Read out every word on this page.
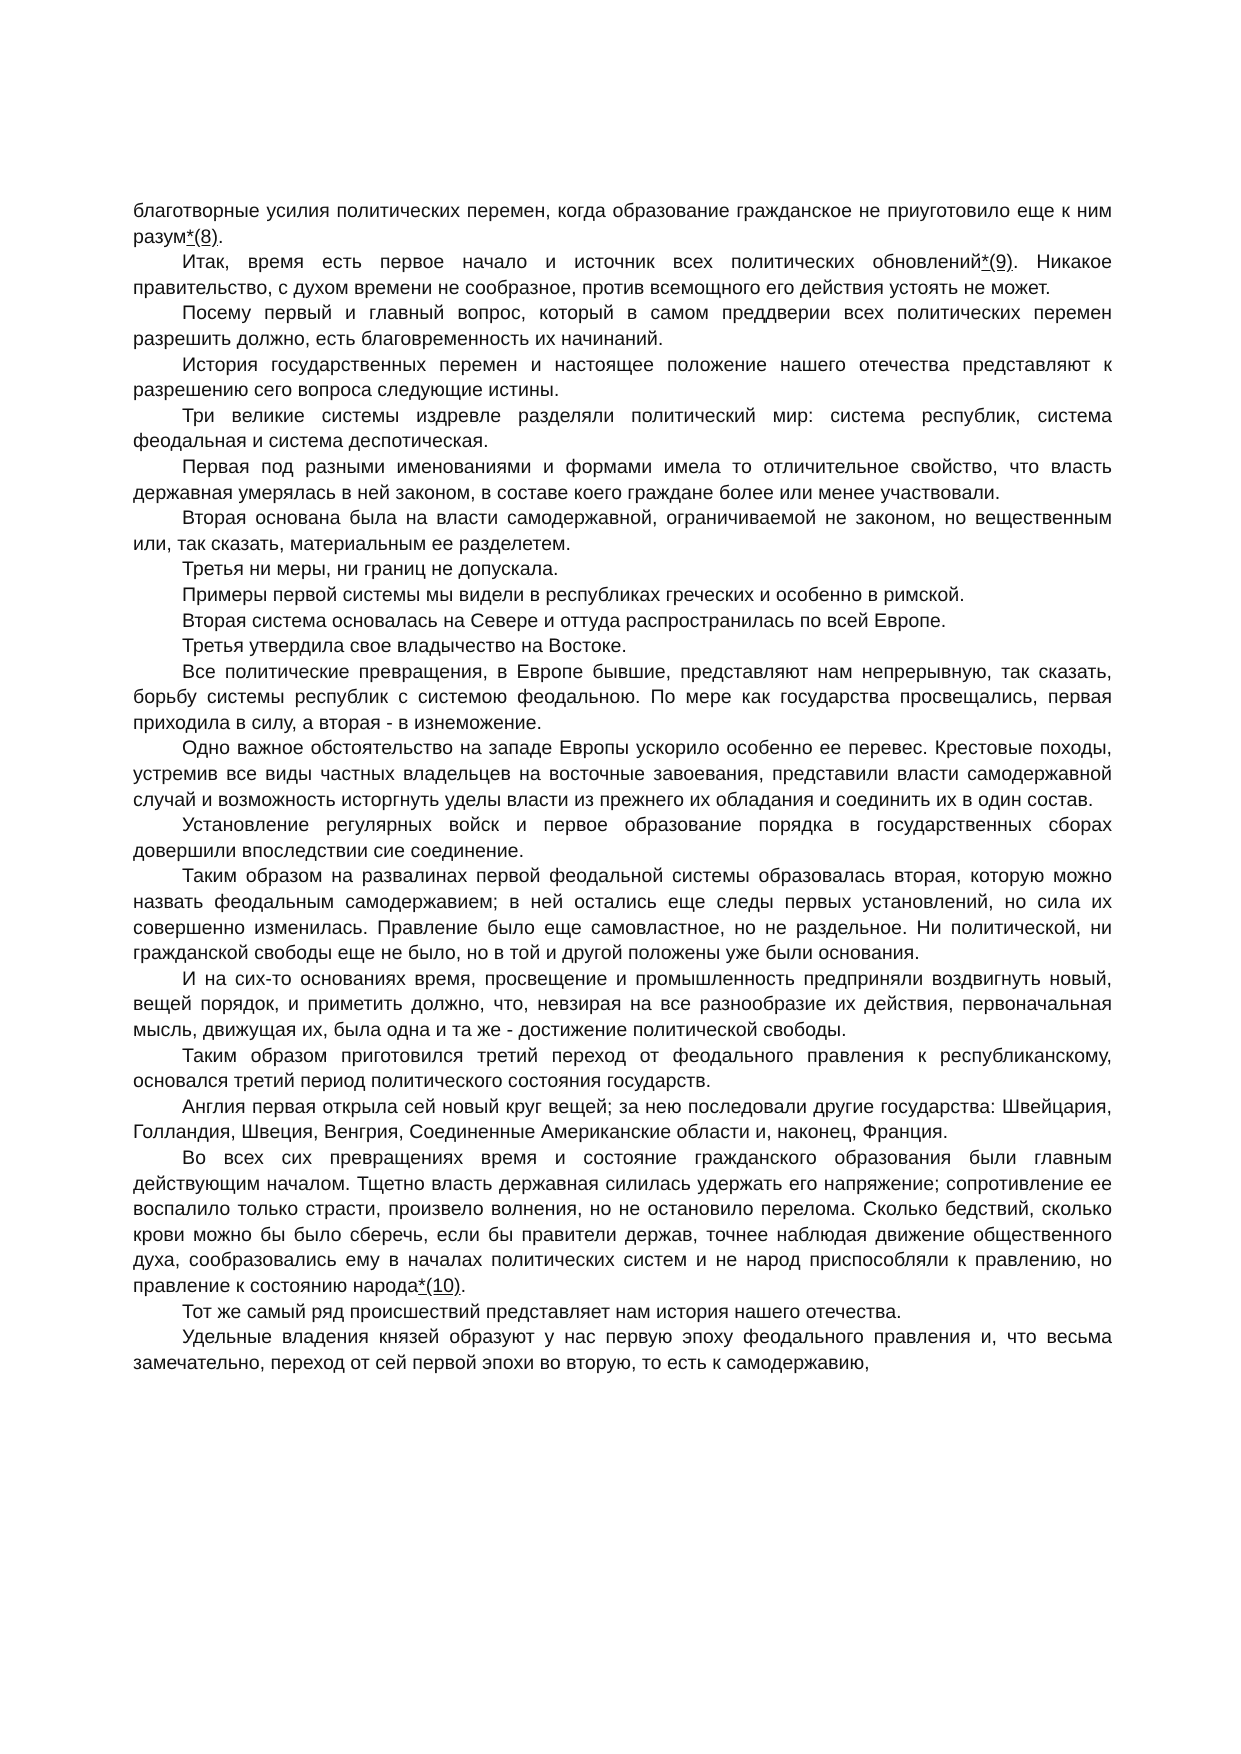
благотворные усилия политических перемен, когда образование гражданское не приуготовило еще к ним разум*(8).

Итак, время есть первое начало и источник всех политических обновлений*(9). Никакое правительство, с духом времени не сообразное, против всемощного его действия устоять не может.

Посему первый и главный вопрос, который в самом преддверии всех политических перемен разрешить должно, есть благовременность их начинаний.

История государственных перемен и настоящее положение нашего отечества представляют к разрешению сего вопроса следующие истины.

Три великие системы издревле разделяли политический мир: система республик, система феодальная и система деспотическая.

Первая под разными именованиями и формами имела то отличительное свойство, что власть державная умерялась в ней законом, в составе коего граждане более или менее участвовали.

Вторая основана была на власти самодержавной, ограничиваемой не законом, но вещественным или, так сказать, материальным ее разделетем.

Третья ни меры, ни границ не допускала.

Примеры первой системы мы видели в республиках греческих и особенно в римской.

Вторая система основалась на Севере и оттуда распространилась по всей Европе.

Третья утвердила свое владычество на Востоке.

Все политические превращения, в Европе бывшие, представляют нам непрерывную, так сказать, борьбу системы республик с системою феодальною. По мере как государства просвещались, первая приходила в силу, а вторая - в изнеможение.

Одно важное обстоятельство на западе Европы ускорило особенно ее перевес. Крестовые походы, устремив все виды частных владельцев на восточные завоевания, представили власти самодержавной случай и возможность исторгнуть уделы власти из прежнего их обладания и соединить их в один состав.

Установление регулярных войск и первое образование порядка в государственных сборах довершили впоследствии сие соединение.

Таким образом на развалинах первой феодальной системы образовалась вторая, которую можно назвать феодальным самодержавием; в ней остались еще следы первых установлений, но сила их совершенно изменилась. Правление было еще самовластное, но не раздельное. Ни политической, ни гражданской свободы еще не было, но в той и другой положены уже были основания.

И на сих-то основаниях время, просвещение и промышленность предприняли воздвигнуть новый, вещей порядок, и приметить должно, что, невзирая на все разнообразие их действия, первоначальная мысль, движущая их, была одна и та же - достижение политической свободы.

Таким образом приготовился третий переход от феодального правления к республиканскому, основался третий период политического состояния государств.

Англия первая открыла сей новый круг вещей; за нею последовали другие государства: Швейцария, Голландия, Швеция, Венгрия, Соединенные Американские области и, наконец, Франция.

Во всех сих превращениях время и состояние гражданского образования были главным действующим началом. Тщетно власть державная силилась удержать его напряжение; сопротивление ее воспалило только страсти, произвело волнения, но не остановило перелома. Сколько бедствий, сколько крови можно бы было сберечь, если бы правители держав, точнее наблюдая движение общественного духа, сообразовались ему в началах политических систем и не народ приспособляли к правлению, но правление к состоянию народа*(10).

Тот же самый ряд происшествий представляет нам история нашего отечества.

Удельные владения князей образуют у нас первую эпоху феодального правления и, что весьма замечательно, переход от сей первой эпохи во вторую, то есть к самодержавию,
